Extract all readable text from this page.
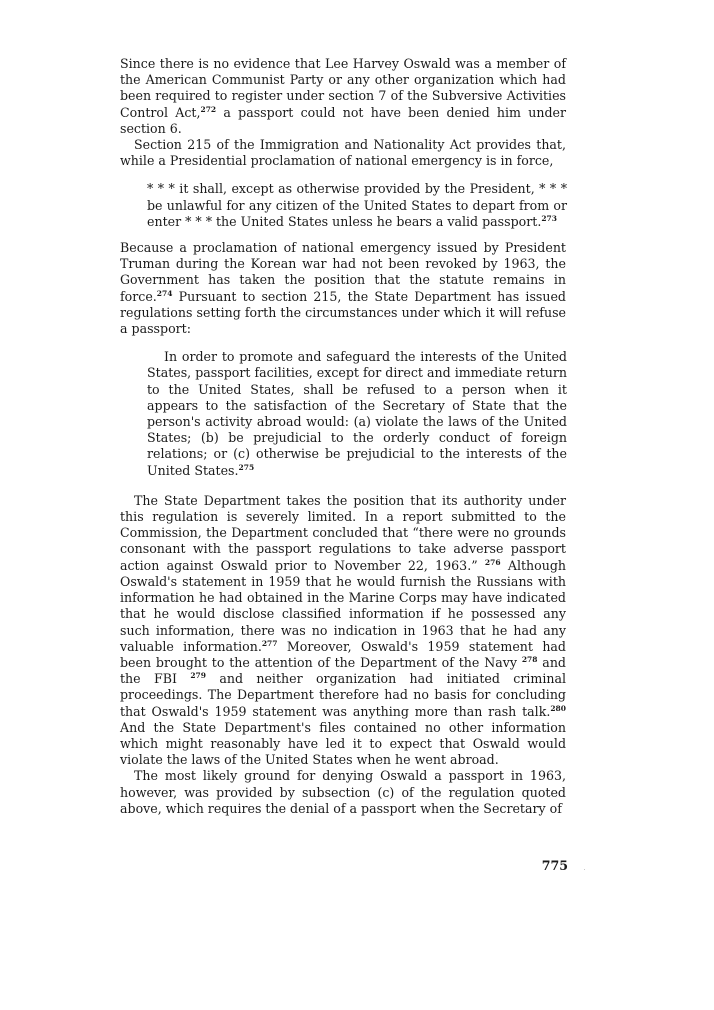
Since there is no evidence that Lee Harvey Oswald was a member of the American Communist Party or any other organization which had been required to register under section 7 of the Subversive Activities Control Act,$^{272}$ a passport could not have been denied him under section 6.

Section 215 of the Immigration and Nationality Act provides that, while a Presidential proclamation of national emergency is in force,

* * * it shall, except as otherwise provided by the President, * * * be unlawful for any citizen of the United States to depart from or enter * * * the United States unless he bears a valid passport.$^{273}$

Because a proclamation of national emergency issued by President Truman during the Korean war had not been revoked by 1963, the Government has taken the position that the statute remains in force.$^{274}$ Pursuant to section 215, the State Department has issued regulations setting forth the circumstances under which it will refuse a passport:

In order to promote and safeguard the interests of the United States, passport facilities, except for direct and immediate return to the United States, shall be refused to a person when it appears to the satisfaction of the Secretary of State that the person's activity abroad would: (a) violate the laws of the United States; (b) be prejudicial to the orderly conduct of foreign relations; or (c) otherwise be prejudicial to the interests of the United States.$^{275}$

The State Department takes the position that its authority under this regulation is severely limited. In a report submitted to the Commission, the Department concluded that “there were no grounds consonant with the passport regulations to take adverse passport action against Oswald prior to November 22, 1963.” $^{276}$ Although Oswald's statement in 1959 that he would furnish the Russians with information he had obtained in the Marine Corps may have indicated that he would disclose classified information if he possessed any such information, there was no indication in 1963 that he had any valuable information.$^{277}$ Moreover, Oswald's 1959 statement had been brought to the attention of the Department of the Navy $^{278}$ and the FBI $^{279}$ and neither organization had initiated criminal proceedings. The Department therefore had no basis for concluding that Oswald's 1959 statement was anything more than rash talk.$^{280}$ And the State Department's files contained no other information which might reasonably have led it to expect that Oswald would violate the laws of the United States when he went abroad.

The most likely ground for denying Oswald a passport in 1963, however, was provided by subsection (c) of the regulation quoted above, which requires the denial of a passport when the Secretary of

775
